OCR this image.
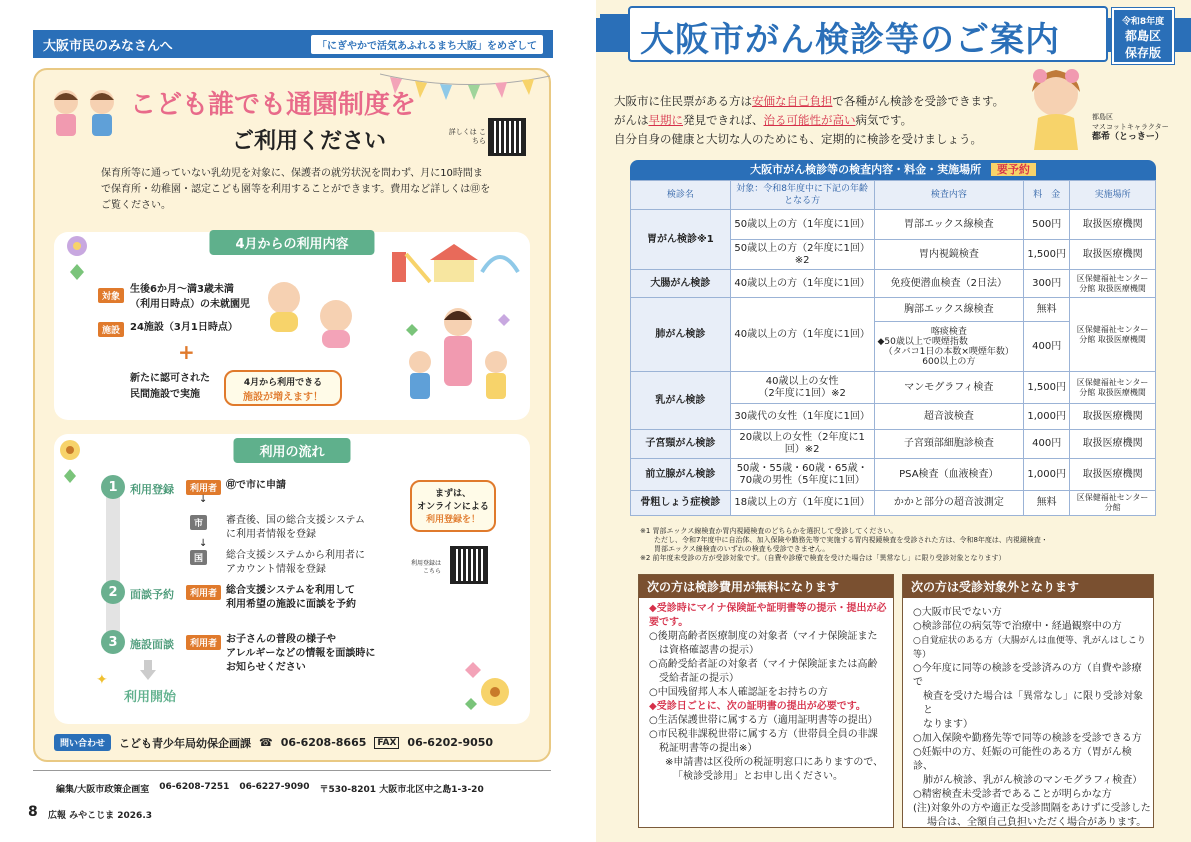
大阪市民のみなさんへ	「にぎやかで活気あふれるまち大阪」をめざして
こども誰でも通園制度を
ご利用ください	詳しくは こちら
保育所等に通っていない乳幼児を対象に、保護者の就労状況を問わず、月に10時間まで保育所・幼稚園・認定こども園等を利用することができます。費用など詳しくは㊞をご覧ください。
4月からの利用内容
対象
生後6か月～満3歳未満
（利用日時点）の未就園児
施設 24施設（3月1日時点）
+
新たに認可された
民間施設で実施
4月から利用できる
施設が増えます！
利用の流れ
1	利用登録	利用者 ㊞で市に申請
↓
市	審査後、国の総合支援システム
に利用者情報を登録
↓
国	総合支援システムから利用者に
アカウント情報を登録
2	面談予約	利用者 総合支援システムを利用して
利用希望の施設に面談を予約
3	施設面談	利用者 お子さんの普段の様子や
アレルギーなどの情報を面談時に
お知らせください
✦
利用開始
まずは、
オンラインによる
利用登録を！
利用登録は こちら
問い合わせ	こども青少年局幼保企画課 ☎ 06-6208-8665	FAX 06-6202-9050
編集/大阪市政策企画室 06-6208-7251 06-6227-9090 〒530-8201 大阪市北区中之島1-3-20
8 広報 みやこじま 2026.3
大阪市がん検診等のご案内	令和8年度
都島区
保存版
大阪市に住民票がある方は安価な自己負担で各種がん検診を受診できます。
がんは早期に発見できれば、治る可能性が高い病気です。
自分自身の健康と大切な人のためにも、定期的に検診を受けましょう。
都島区
マスコットキャラクター
都希（とっきー）
大阪市がん検診等の検査内容・料金・実施場所 要予約
検診名	対象：令和8年度中に下記の年齢となる方	検査内容	料　金	実施場所
胃がん検診※1	50歳以上の方（1年度に1回）	胃部エックス線検査	500円	取扱医療機関
	50歳以上の方（2年度に1回）※2	胃内視鏡検査	1,500円	取扱医療機関
大腸がん検診	40歳以上の方（1年度に1回）	免疫便潜血検査（2日法）	300円	区保健福祉センター分館 取扱医療機関
肺がん検診	40歳以上の方（1年度に1回）	胸部エックス線検査	無料	区保健福祉センター分館 取扱医療機関

		喀痰検査
◆50歳以上で喫煙指数
（タバコ1日の本数×喫煙年数）
600以上の方	400円	
乳がん検診	40歳以上の女性
（2年度に1回）※2	マンモグラフィ検査	1,500円	区保健福祉センター分館 取扱医療機関
	30歳代の女性（1年度に1回）	超音波検査	1,000円	取扱医療機関
子宮頸がん検診	20歳以上の女性（2年度に1回）※2	子宮頸部細胞診検査	400円	取扱医療機関
前立腺がん検診	50歳・55歳・60歳・65歳・
70歳の男性（5年度に1回）	PSA検査（血液検査）	1,000円	取扱医療機関
骨粗しょう症検診	18歳以上の方（1年度に1回）	かかと部分の超音波測定	無料	区保健福祉センター分館
※1 胃部エックス線検査か胃内視鏡検査のどちらかを選択して受診してください。
ただし、令和7年度中に自治体、加入保険や勤務先等で実施する胃内視鏡検査を受診された方は、令和8年度は、内視鏡検査・
胃部エックス線検査のいずれの検査も受診できません。
※2 前年度未受診の方が受診対象です。（自費や診療で検査を受けた場合は「異常なし」に限り受診対象となります）
次の方は検診費用が無料になります
◆受診時にマイナ保険証や証明書等の提示・提出が必要です。
○後期高齢者医療制度の対象者（マイナ保険証また
は資格確認書の提示）
○高齢受給者証の対象者（マイナ保険証または高齢
受給者証の提示）
○中国残留邦人本人確認証をお持ちの方
◆受診日ごとに、次の証明書の提出が必要です。
○生活保護世帯に属する方（適用証明書等の提出）
○市民税非課税世帯に属する方（世帯員全員の非課
税証明書等の提出※）
※申請書は区役所の税証明窓口にありますので、
「検診受診用」とお申し出ください。
次の方は受診対象外となります
○大阪市民でない方
○検診部位の病気等で治療中・経過観察中の方
○自覚症状のある方（大腸がんは血便等、乳がんはしこり等）
○今年度に同等の検診を受診済みの方（自費や診療で
検査を受けた場合は「異常なし」に限り受診対象と
なります）
○加入保険や勤務先等で同等の検診を受診できる方
○妊娠中の方、妊娠の可能性のある方（胃がん検診、
肺がん検診、乳がん検診のマンモグラフィ検査）
○精密検査未受診者であることが明らかな方
(注)対象外の方や適正な受診間隔をあけずに受診した
場合は、全額自己負担いただく場合があります。
